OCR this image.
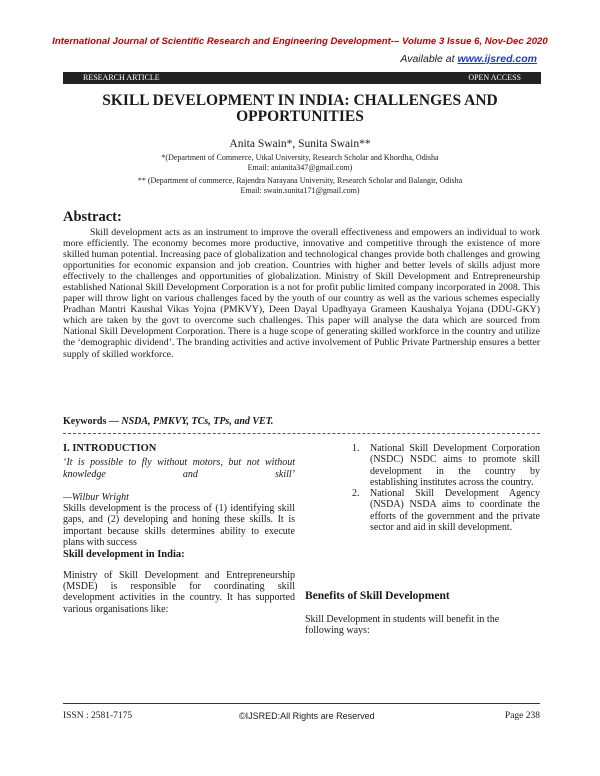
International Journal of Scientific Research and Engineering Development-– Volume 3 Issue 6, Nov-Dec 2020
Available at www.ijsred.com
RESEARCH ARTICLE	OPEN ACCESS
SKILL DEVELOPMENT IN INDIA: CHALLENGES AND OPPORTUNITIES
Anita Swain*, Sunita Swain**
*(Department of Commerce, Utkal University, Research Scholar and Khordha, Odisha
Email: anianita347@gmail.com)
** (Department of commerce, Rajendra Narayana University, Research Scholar and Balangir, Odisha
Email: swain.sunita171@gmail.com)
Abstract:
Skill development acts as an instrument to improve the overall effectiveness and empowers an individual to work more efficiently. The economy becomes more productive, innovative and competitive through the existence of more skilled human potential. Increasing pace of globalization and technological changes provide both challenges and growing opportunities for economic expansion and job creation. Countries with higher and better levels of skills adjust more effectively to the challenges and opportunities of globalization. Ministry of Skill Development and Entrepreneurship established National Skill Development Corporation is a not for profit public limited company incorporated in 2008. This paper will throw light on various challenges faced by the youth of our country as well as the various schemes especially Pradhan Mantri Kaushal Vikas Yojna (PMKVY), Deen Dayal Upadhyaya Grameen Kaushalya Yojana (DDU-GKY) which are taken by the govt to overcome such challenges. This paper will analyse the data which are sourced from National Skill Development Corporation. There is a huge scope of generating skilled workforce in the country and utilize the ‘demographic dividend’. The branding activities and active involvement of Public Private Partnership ensures a better supply of skilled workforce.
Keywords — NSDA, PMKVY, TCs, TPs, and VET.
I. INTRODUCTION
‘It is possible to fly without motors, but not without knowledge and skill’
—Wilbur Wright
Skills development is the process of (1) identifying skill gaps, and (2) developing and honing these skills. It is important because skills determines ability to execute plans with success
Skill development in India:
Ministry of Skill Development and Entrepreneurship (MSDE) is responsible for coordinating skill development activities in the country. It has supported various organisations like:
1. National Skill Development Corporation (NSDC) NSDC aims to promote skill development in the country by establishing institutes across the country.
2. National Skill Development Agency (NSDA) NSDA aims to coordinate the efforts of the government and the private sector and aid in skill development.
Benefits of Skill Development
Skill Development in students will benefit in the following ways:
ISSN : 2581-7175	©IJSRED:All Rights are Reserved	Page 238
